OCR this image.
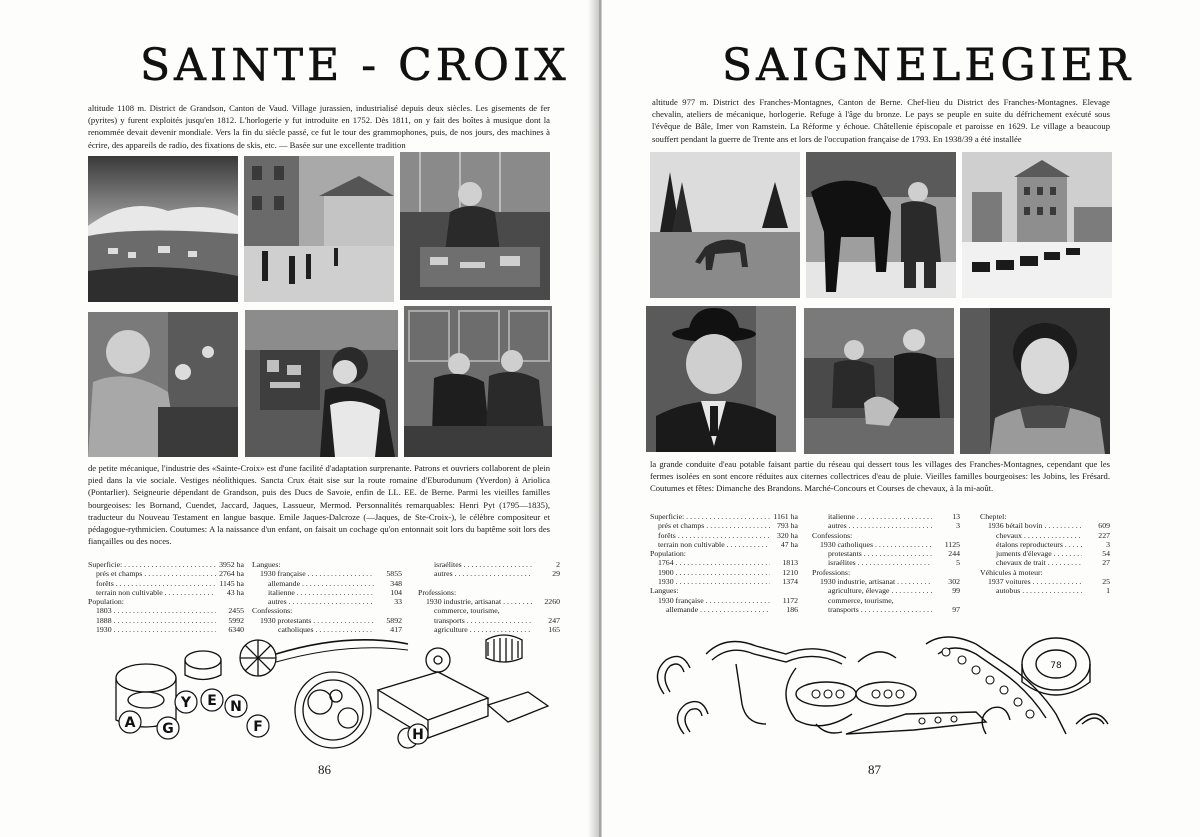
SAINTE - CROIX
altitude 1108 m. District de Grandson, Canton de Vaud. Village jurassien, industrialisé depuis deux siècles. Les gisements de fer (pyrites) y furent exploités jusqu'en 1812. L'horlogerie y fut introduite en 1752. Dès 1811, on y fait des boîtes à musique dont la renommée devait devenir mondiale. Vers la fin du siècle passé, ce fut le tour des grammophones, puis, de nos jours, des machines à écrire, des appareils de radio, des fixations de skis, etc. — Basée sur une excellente tradition
de petite mécanique, l'industrie des «Sainte-Croix» est d'une facilité d'adaptation surprenante. Patrons et ouvriers collaborent de plein pied dans la vie sociale. Vestiges néolithiques. Sancta Crux était sise sur la route romaine d'Eburodunum (Yverdon) à Ariolica (Pontarlier). Seigneurie dépendant de Grandson, puis des Ducs de Savoie, enfin de LL. EE. de Berne. Parmi les vieilles familles bourgeoises: les Bornand, Cuendet, Jaccard, Jaques, Lassueur, Mermod. Personnalités remarquables: Henri Pyt (1795—1835), traducteur du Nouveau Testament en langue basque. Emile Jaques-Dalcroze (—Jaques, de Ste-Croix-), le célèbre compositeur et pédagogue-rythmicien. Coutumes: A la naissance d'un enfant, on faisait un cochage qu'on entonnait soit lors du baptême soit lors des fiançailles ou des noces.
Superficie: . . .	3952 ha
prés et champs . . .	2764 ha
forêts . . .	1145 ha
terrain non cultivable . . .	43 ha
Population:
1803 . . .	2455
1888 . . .	5992
1930 . . .	6340
Langues:
1930 française . . .	5855
allemande . . .	348
italienne . . .	104
autres . . .	33
Confessions:
1930 protestants . . .	5892
catholiques . . .	417
israélites . . .	2
autres . . .	29

Professions:
1930 industrie, artisanat . . .	2260
commerce, tourisme,
transports . . .	247
agriculture . . .	165
A G
Y E N
F	H
86
SAIGNELEGIER
altitude 977 m. District des Franches-Montagnes, Canton de Berne. Chef-lieu du District des Franches-Montagnes. Elevage chevalin, ateliers de mécanique, horlogerie. Refuge à l'âge du bronze. Le pays se peuple en suite du défrichement exécuté sous l'évêque de Bâle, Imer von Ramstein. La Réforme y échoue. Châtellenie épiscopale et paroisse en 1629. Le village a beaucoup souffert pendant la guerre de Trente ans et lors de l'occupation française de 1793. En 1938/39 a été installée
la grande conduite d'eau potable faisant partie du réseau qui dessert tous les villages des Franches-Montagnes, cependant que les fermes isolées en sont encore réduites aux citernes collectrices d'eau de pluie. Vieilles familles bourgeoises: les Jobins, les Frésard. Coutumes et fêtes: Dimanche des Brandons. Marché-Concours et Courses de chevaux, à la mi-août.
Superficie: . . .	1161 ha
prés et champs . . .	793 ha
forêts . . .	320 ha
terrain non cultivable . . .	47 ha
Population:
1764 . . .	1813
1900 . . .	1210
1930 . . .	1374
Langues:
1930 française . . .	1172
allemande . . .	186
italienne . . .	13
autres . . .	3
Confessions:
1930 catholiques . . .	1125
protestants . . .	244
israélites . . .	5
Professions:
1930 industrie, artisanat . . .	302
agriculture, élevage . . .	99
commerce, tourisme,
transports . . .	97
Cheptel:
1936 bétail bovin . . .	609
chevaux . . .	227
étalons reproducteurs . . .	3
juments d'élevage . . .	54
chevaux de trait . . .	27
Véhicules à moteur:
1937 voitures . . .	25
autobus . . .	1
78
87
